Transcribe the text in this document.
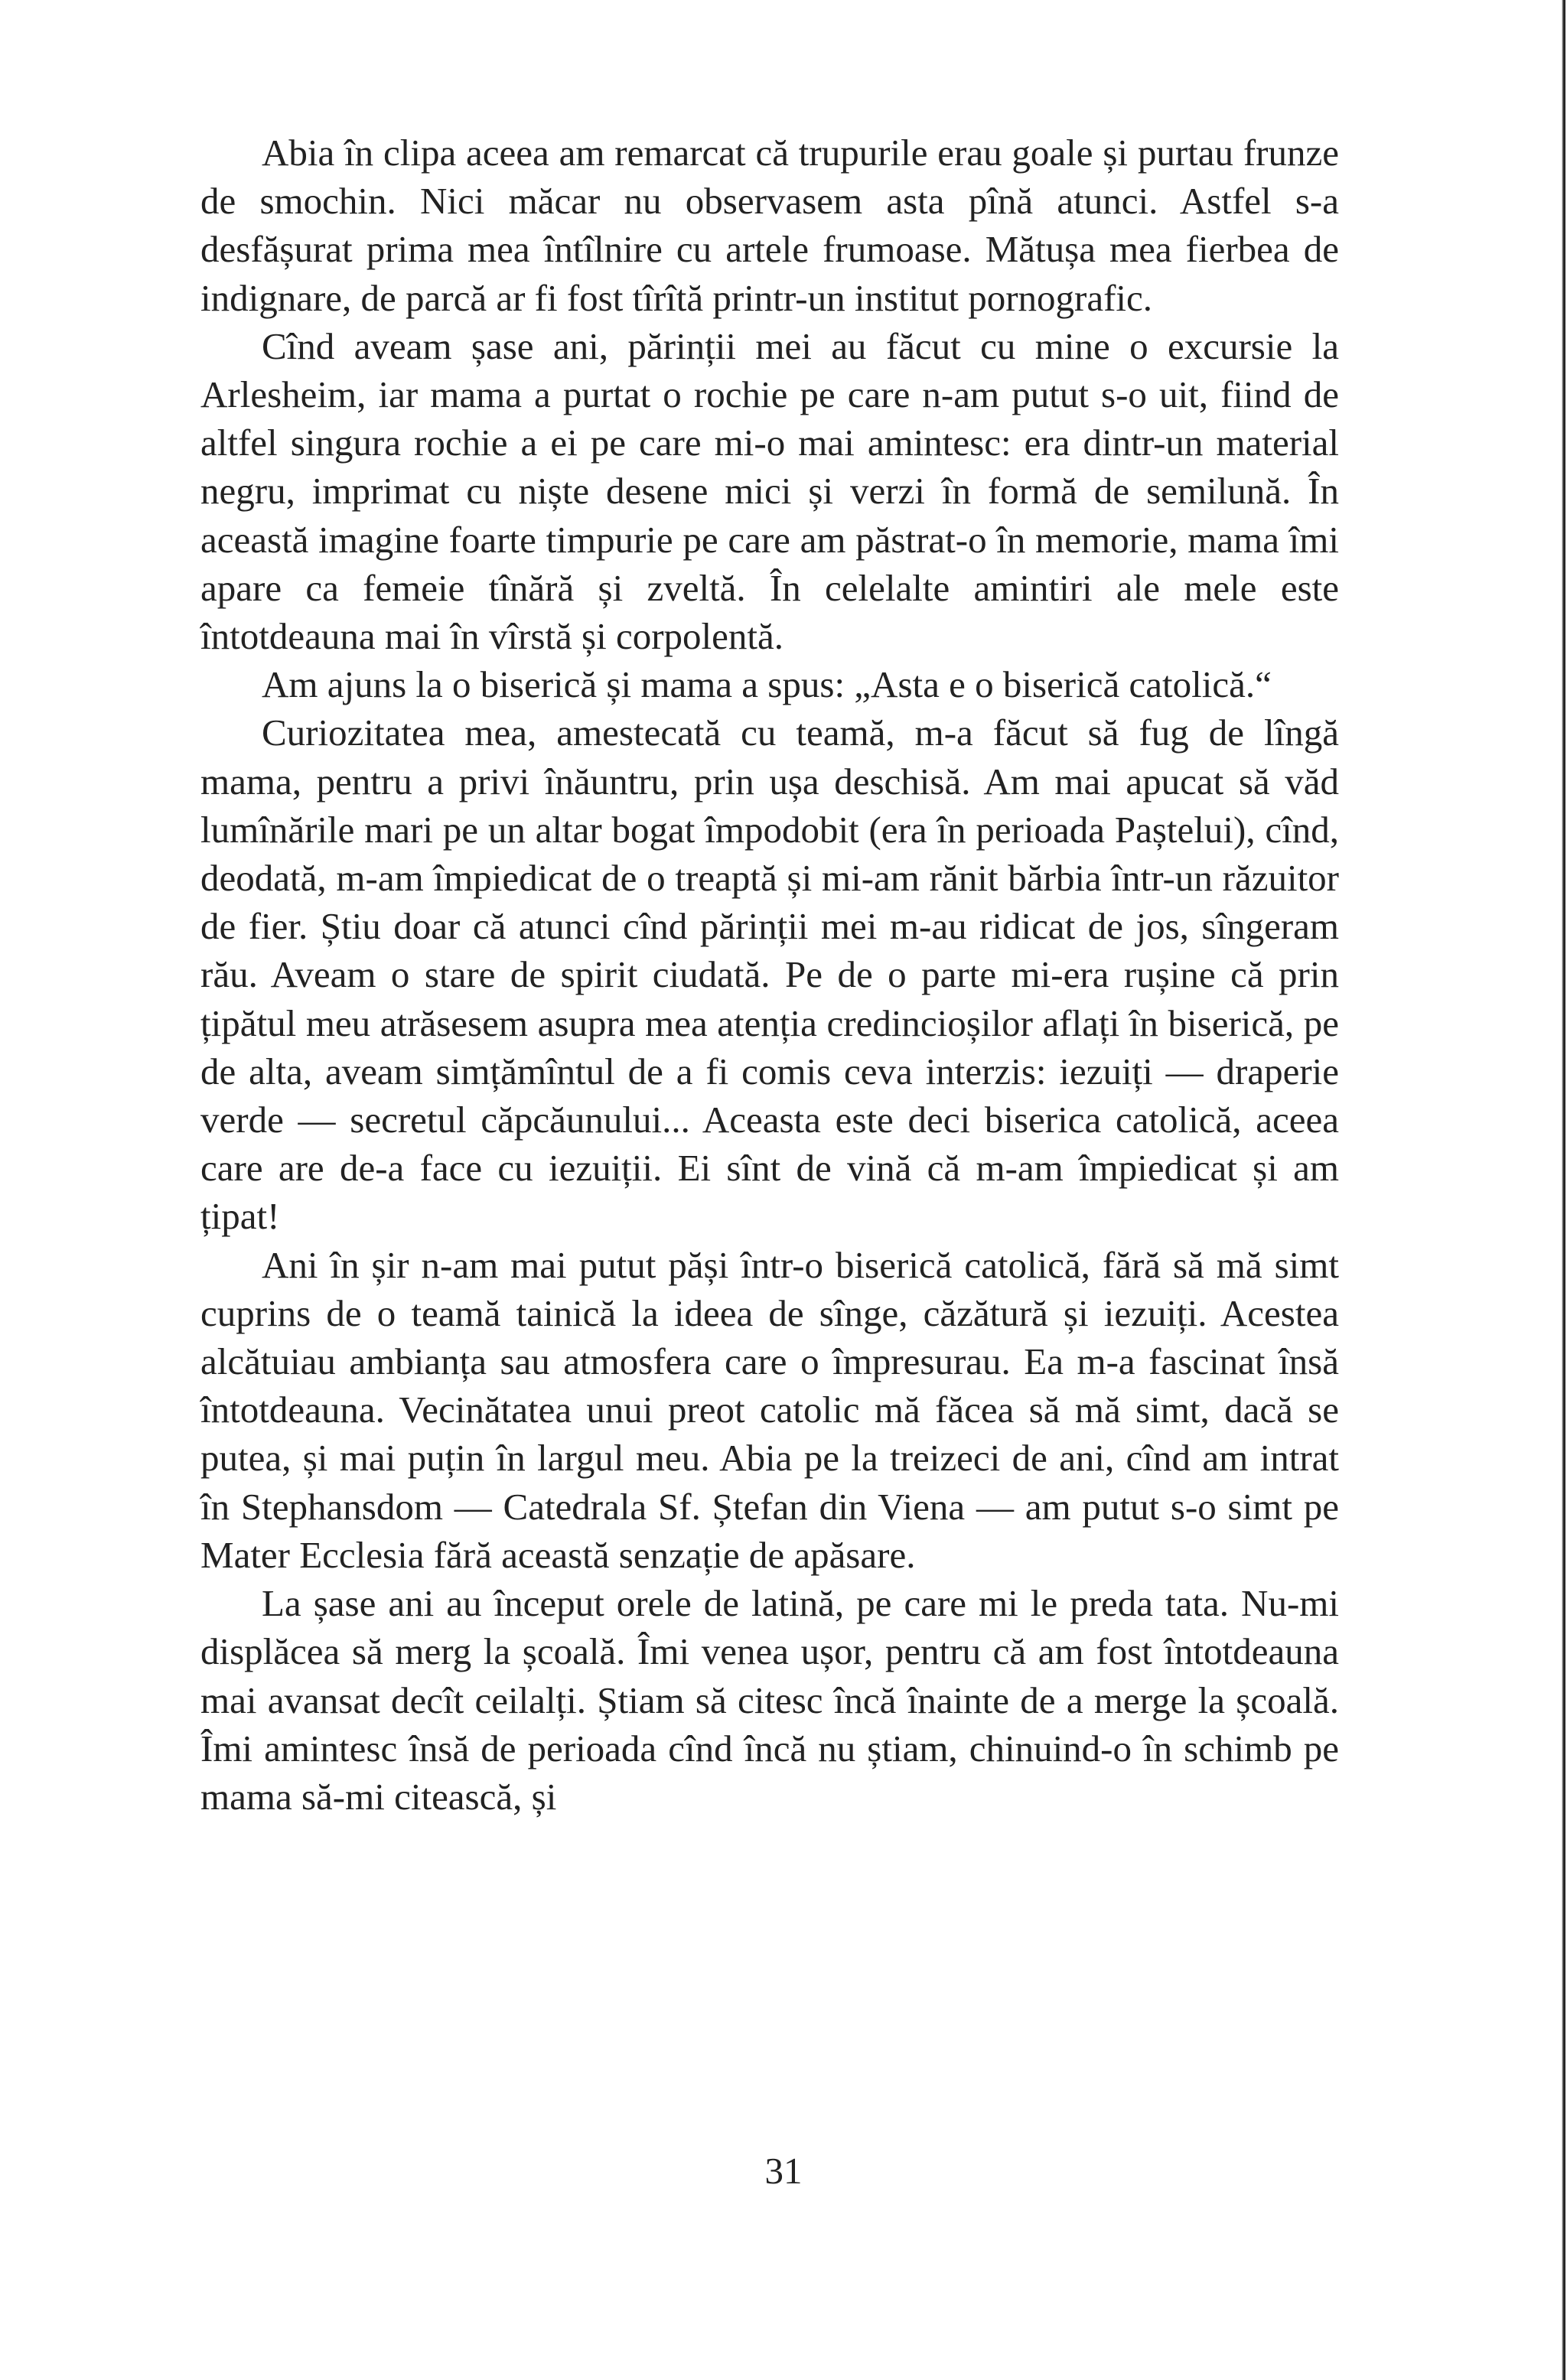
Abia în clipa aceea am remarcat că trupurile erau goale și purtau frunze de smochin. Nici măcar nu observasem asta pînă atunci. Astfel s-a desfășurat prima mea întîlnire cu artele frumoase. Mătușa mea fierbea de indignare, de parcă ar fi fost tîrîtă printr-un institut pornografic.

Cînd aveam șase ani, părinții mei au făcut cu mine o excursie la Arlesheim, iar mama a purtat o rochie pe care n-am putut s-o uit, fiind de altfel singura rochie a ei pe care mi-o mai amintesc: era dintr-un material negru, imprimat cu niște desene mici și verzi în formă de semilună. În această imagine foarte timpurie pe care am păstrat-o în memorie, mama îmi apare ca femeie tînără și zveltă. În celelalte amintiri ale mele este întotdeauna mai în vîrstă și corpolentă.

Am ajuns la o biserică și mama a spus: „Asta e o biserică catolică.“

Curiozitatea mea, amestecată cu teamă, m-a făcut să fug de lîngă mama, pentru a privi înăuntru, prin ușa deschisă. Am mai apucat să văd lumînările mari pe un altar bogat împodobit (era în perioada Paștelui), cînd, deodată, m-am împiedicat de o treaptă și mi-am rănit bărbia într-un răzuitor de fier. Știu doar că atunci cînd părinții mei m-au ridicat de jos, sîngeram rău. Aveam o stare de spirit ciudată. Pe de o parte mi-era rușine că prin țipătul meu atrăsesem asupra mea atenția credincioșilor aflați în biserică, pe de alta, aveam simțămîntul de a fi comis ceva interzis: iezuiți — draperie verde — secretul căpcăunului... Aceasta este deci biserica catolică, aceea care are de-a face cu iezuiții. Ei sînt de vină că m-am împiedicat și am țipat!

Ani în șir n-am mai putut păși într-o biserică catolică, fără să mă simt cuprins de o teamă tainică la ideea de sînge, căzătură și iezuiți. Acestea alcătuiau ambianța sau atmosfera care o împresurau. Ea m-a fascinat însă întotdeauna. Vecinătatea unui preot catolic mă făcea să mă simt, dacă se putea, și mai puțin în largul meu. Abia pe la treizeci de ani, cînd am intrat în Stephansdom — Catedrala Sf. Ștefan din Viena — am putut s-o simt pe Mater Ecclesia fără această senzație de apăsare.

La șase ani au început orele de latină, pe care mi le preda tata. Nu-mi displăcea să merg la școală. Îmi venea ușor, pentru că am fost întotdeauna mai avansat decît ceilalți. Știam să citesc încă înainte de a merge la școală. Îmi amintesc însă de perioada cînd încă nu știam, chinuind-o în schimb pe mama să-mi citească, și

31
